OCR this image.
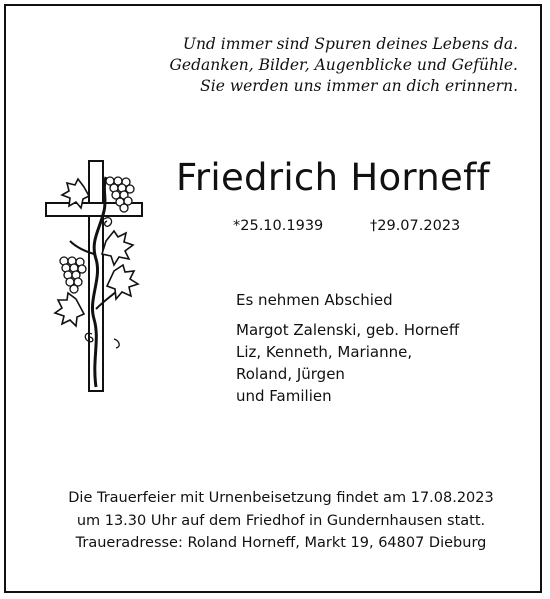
Und immer sind Spuren deines Lebens da.
Gedanken, Bilder, Augenblicke und Gefühle.
Sie werden uns immer an dich erinnern.
Friedrich Horneff
*25.10.1939	†29.07.2023
Es nehmen Abschied
Margot Zalenski, geb. Horneff
Liz, Kenneth, Marianne,
Roland, Jürgen
und Familien
Die Trauerfeier mit Urnenbeisetzung findet am 17.08.2023
um 13.30 Uhr auf dem Friedhof in Gundernhausen statt.
Traueradresse: Roland Horneff, Markt 19, 64807 Dieburg
